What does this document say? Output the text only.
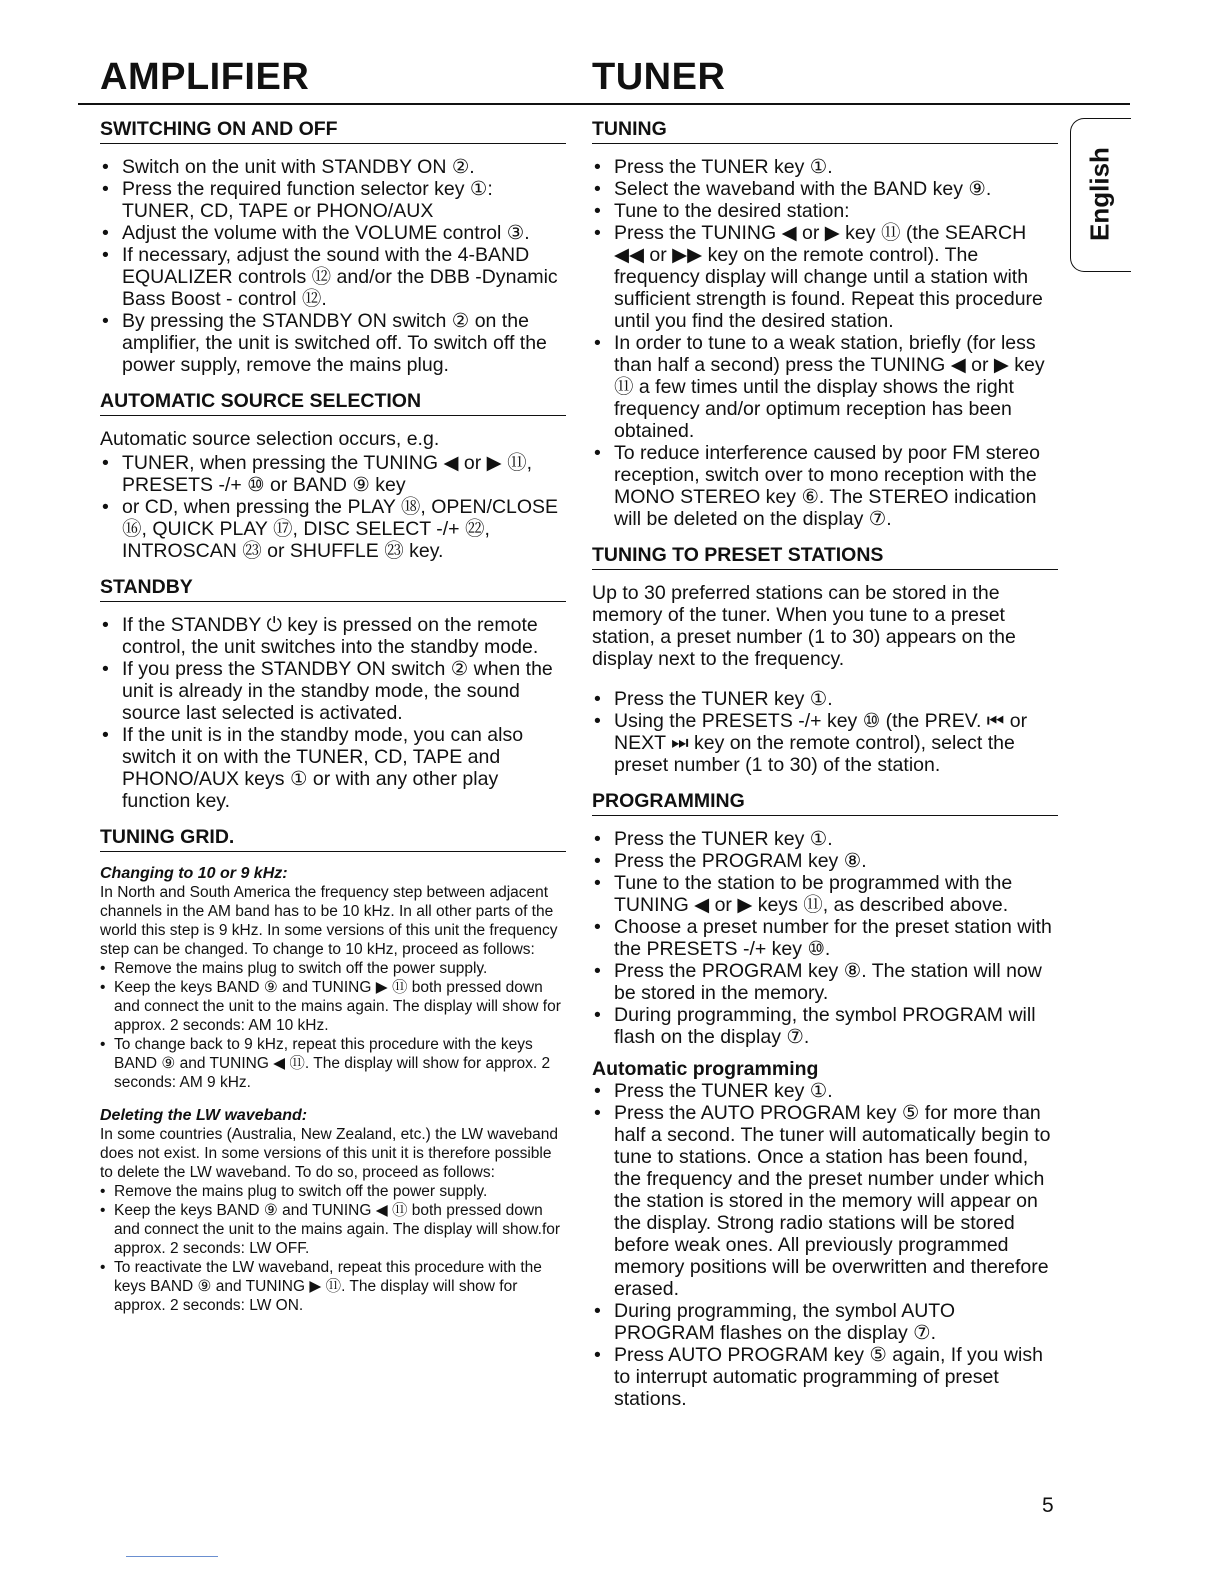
AMPLIFIER	TUNER
English
SWITCHING ON AND OFF
• Switch on the unit with STANDBY ON ②.
• Press the required function selector key ①: TUNER, CD, TAPE or PHONO/AUX
• Adjust the volume with the VOLUME control ③.
• If necessary, adjust the sound with the 4-BAND EQUALIZER controls ⑫ and/or the DBB -Dynamic Bass Boost - control ⑫.
• By pressing the STANDBY ON switch ② on the amplifier, the unit is switched off. To switch off the power supply, remove the mains plug.
AUTOMATIC SOURCE SELECTION

Automatic source selection occurs, e.g.

• TUNER, when pressing the TUNING ◀ or ▶ ⑪, PRESETS -/+ ⑩ or BAND ⑨ key
• or CD, when pressing the PLAY ⑱, OPEN/CLOSE ⑯, QUICK PLAY ⑰, DISC SELECT -/+ ㉒, INTROSCAN ㉓ or SHUFFLE ㉓ key.
STANDBY
• If the STANDBY ⏻ key is pressed on the remote control, the unit switches into the standby mode.
• If you press the STANDBY ON switch ② when the unit is already in the standby mode, the sound source last selected is activated.
• If the unit is in the standby mode, you can also switch it on with the TUNER, CD, TAPE and PHONO/AUX keys ① or with any other play function key.
TUNING GRID.
Changing to 10 or 9 kHz:

In North and South America the frequency step between adjacent channels in the AM band has to be 10 kHz. In all other parts of the world this step is 9 kHz. In some versions of this unit the frequency step can be changed. To change to 10 kHz, proceed as follows:

• Remove the mains plug to switch off the power supply.
• Keep the keys BAND ⑨ and TUNING ▶ ⑪ both pressed down and connect the unit to the mains again. The display will show for approx. 2 seconds: AM 10 kHz.
• To change back to 9 kHz, repeat this procedure with the keys BAND ⑨ and TUNING ◀ ⑪. The display will show for approx. 2 seconds: AM 9 kHz.
Deleting the LW waveband:

In some countries (Australia, New Zealand, etc.) the LW waveband does not exist. In some versions of this unit it is therefore possible to delete the LW waveband. To do so, proceed as follows:

• Remove the mains plug to switch off the power supply.
• Keep the keys BAND ⑨ and TUNING ◀ ⑪ both pressed down and connect the unit to the mains again. The display will show.for approx. 2 seconds: LW OFF.
• To reactivate the LW waveband, repeat this procedure with the keys BAND ⑨ and TUNING ▶ ⑪. The display will show for approx. 2 seconds: LW ON.
TUNING
• Press the TUNER key ①.
• Select the waveband with the BAND key ⑨.
• Tune to the desired station:
• Press the TUNING ◀ or ▶ key ⑪ (the SEARCH ◀◀ or ▶▶ key on the remote control). The frequency display will change until a station with sufficient strength is found. Repeat this procedure until you find the desired station.
• In order to tune to a weak station, briefly (for less than half a second) press the TUNING ◀ or ▶ key ⑪ a few times until the display shows the right frequency and/or optimum reception has been obtained.
• To reduce interference caused by poor FM stereo reception, switch over to mono reception with the MONO STEREO key ⑥. The STEREO indication will be deleted on the display ⑦.
TUNING TO PRESET STATIONS

Up to 30 preferred stations can be stored in the memory of the tuner. When you tune to a preset station, a preset number (1 to 30) appears on the display next to the frequency.

• Press the TUNER key ①.
• Using the PRESETS -/+ key ⑩ (the PREV. ⏮ or NEXT ⏭ key on the remote control), select the preset number (1 to 30) of the station.
PROGRAMMING
• Press the TUNER key ①.
• Press the PROGRAM key ⑧.
• Tune to the station to be programmed with the TUNING ◀ or ▶ keys ⑪, as described above.
• Choose a preset number for the preset station with the PRESETS -/+ key ⑩.
• Press the PROGRAM key ⑧. The station will now be stored in the memory.
• During programming, the symbol PROGRAM will flash on the display ⑦.
Automatic programming
• Press the TUNER key ①.
• Press the AUTO PROGRAM key ⑤ for more than half a second. The tuner will automatically begin to tune to stations. Once a station has been found, the frequency and the preset number under which the station is stored in the memory will appear on the display. Strong radio stations will be stored before weak ones. All previously programmed memory positions will be overwritten and therefore erased.
• During programming, the symbol AUTO PROGRAM flashes on the display ⑦.
• Press AUTO PROGRAM key ⑤ again, If you wish to interrupt automatic programming of preset stations.
5
